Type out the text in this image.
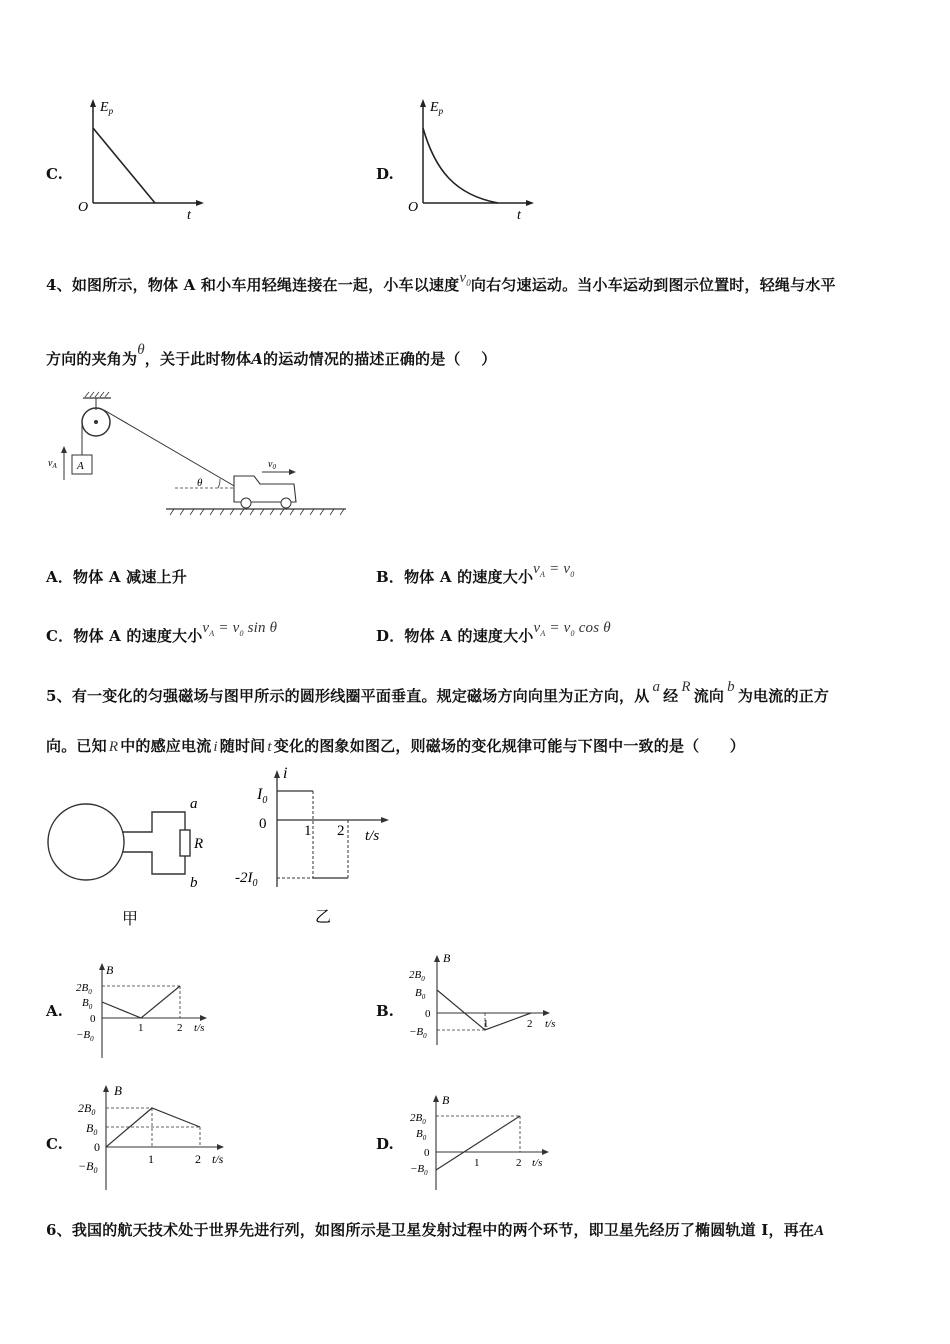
C.
$E_p$
O
t
D.
$E_p$
O
t
4、如图所示，物体 A 和小车用轻绳连接在一起，小车以速度$v_0$向右匀速运动。当小车运动到图示位置时，轻绳与水平
方向的夹角为θ，关于此时物体A的运动情况的描述正确的是（　 ）
A
$v_A$
θ
$v_0$
A．物体 A 减速上升	B．物体 A 的速度大小$v_A = v_0$
C．物体 A 的速度大小$v_A = v_0$ sin θ	D．物体 A 的速度大小$v_A = v_0$ cos θ
5、有一变化的匀强磁场与图甲所示的圆形线圈平面垂直。规定磁场方向向里为正方向，从 a 经 R 流向 b 为电流的正方
向。已知 R 中的感应电流 i 随时间 t 变化的图象如图乙，则磁场的变化规律可能与下图中一致的是（　　）
a
R
b
甲
i
$I_0$
0	1 2 t/s
$-2I_0$
乙
A.
B
$2B_0$
$B_0$
0
$-B_0$
1	2 t/s
B.
B
$2B_0$
$B_0$
0
$-B_0$
1	2 t/s
C.
B
$2B_0$
$B_0$
0
$-B_0$
1	2 t/s
D.
B
$2B_0$
$B_0$
0
$-B_0$
1	2 t/s
6、我国的航天技术处于世界先进行列，如图所示是卫星发射过程中的两个环节，即卫星先经历了椭圆轨道 I，再在A
